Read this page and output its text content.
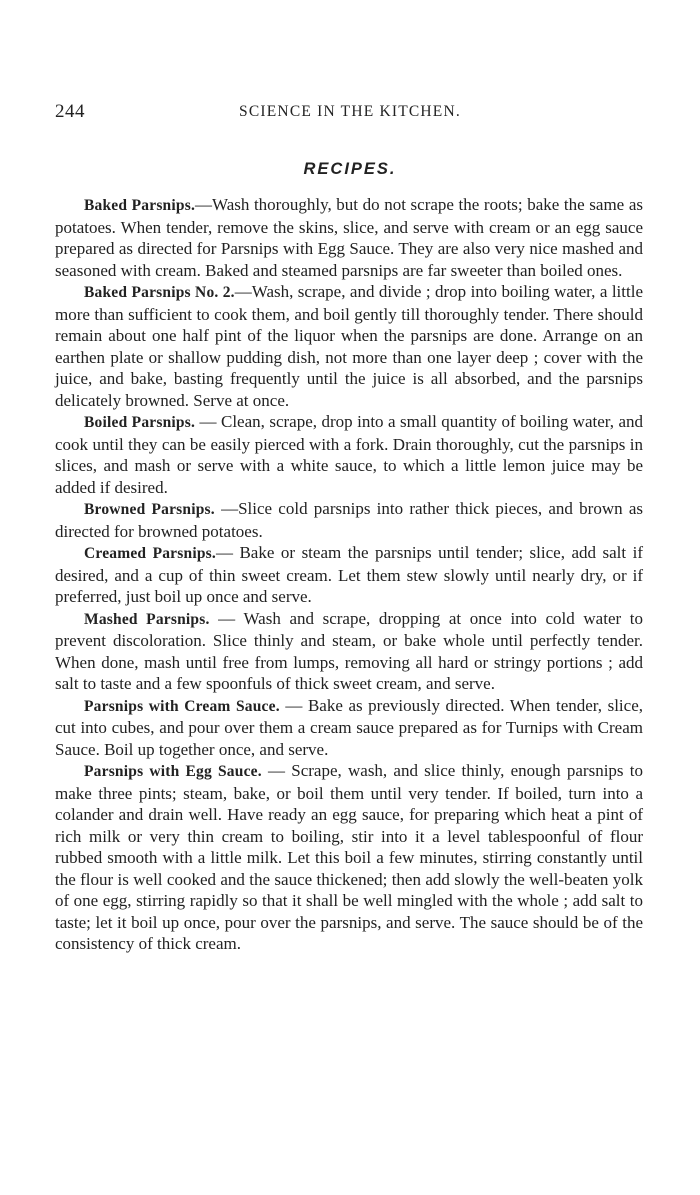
244	SCIENCE IN THE KITCHEN.
RECIPES.

Baked Parsnips.—Wash thoroughly, but do not scrape the roots; bake the same as potatoes. When tender, remove the skins, slice, and serve with cream or an egg sauce prepared as directed for Parsnips with Egg Sauce. They are also very nice mashed and seasoned with cream. Baked and steamed parsnips are far sweeter than boiled ones.

Baked Parsnips No. 2.—Wash, scrape, and divide ; drop into boiling water, a little more than sufficient to cook them, and boil gently till thoroughly tender. There should remain about one half pint of the liquor when the parsnips are done. Arrange on an earthen plate or shallow pudding dish, not more than one layer deep ; cover with the juice, and bake, basting frequently until the juice is all absorbed, and the parsnips delicately browned. Serve at once.

Boiled Parsnips. — Clean, scrape, drop into a small quantity of boiling water, and cook until they can be easily pierced with a fork. Drain thoroughly, cut the parsnips in slices, and mash or serve with a white sauce, to which a little lemon juice may be added if desired.

Browned Parsnips. —Slice cold parsnips into rather thick pieces, and brown as directed for browned potatoes.

Creamed Parsnips.— Bake or steam the parsnips until tender; slice, add salt if desired, and a cup of thin sweet cream. Let them stew slowly until nearly dry, or if preferred, just boil up once and serve.

Mashed Parsnips. — Wash and scrape, dropping at once into cold water to prevent discoloration. Slice thinly and steam, or bake whole until perfectly tender. When done, mash until free from lumps, removing all hard or stringy portions ; add salt to taste and a few spoonfuls of thick sweet cream, and serve.

Parsnips with Cream Sauce. — Bake as previously directed. When tender, slice, cut into cubes, and pour over them a cream sauce prepared as for Turnips with Cream Sauce. Boil up together once, and serve.

Parsnips with Egg Sauce. — Scrape, wash, and slice thinly, enough parsnips to make three pints; steam, bake, or boil them until very tender. If boiled, turn into a colander and drain well. Have ready an egg sauce, for preparing which heat a pint of rich milk or very thin cream to boiling, stir into it a level tablespoonful of flour rubbed smooth with a little milk. Let this boil a few minutes, stirring constantly until the flour is well cooked and the sauce thickened; then add slowly the well-beaten yolk of one egg, stirring rapidly so that it shall be well mingled with the whole ; add salt to taste; let it boil up once, pour over the parsnips, and serve. The sauce should be of the consistency of thick cream.
